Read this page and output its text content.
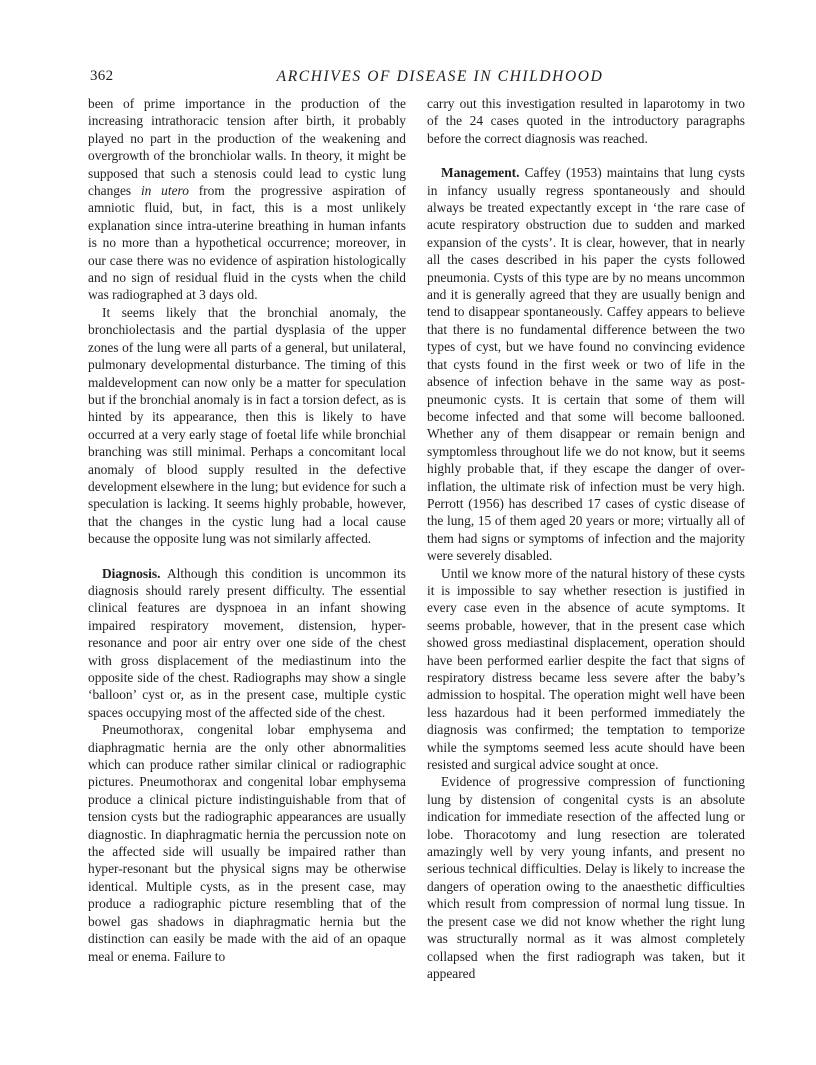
362	ARCHIVES OF DISEASE IN CHILDHOOD

been of prime importance in the production of the increasing intrathoracic tension after birth, it probably played no part in the production of the weakening and overgrowth of the bronchiolar walls. In theory, it might be supposed that such a stenosis could lead to cystic lung changes in utero from the progressive aspiration of amniotic fluid, but, in fact, this is a most unlikely explanation since intra-uterine breathing in human infants is no more than a hypothetical occurrence; moreover, in our case there was no evidence of aspiration histologically and no sign of residual fluid in the cysts when the child was radiographed at 3 days old.

It seems likely that the bronchial anomaly, the bronchiolectasis and the partial dysplasia of the upper zones of the lung were all parts of a general, but unilateral, pulmonary developmental disturbance. The timing of this maldevelopment can now only be a matter for speculation but if the bronchial anomaly is in fact a torsion defect, as is hinted by its appearance, then this is likely to have occurred at a very early stage of foetal life while bronchial branching was still minimal. Perhaps a concomitant local anomaly of blood supply resulted in the defective development elsewhere in the lung; but evidence for such a speculation is lacking. It seems highly probable, however, that the changes in the cystic lung had a local cause because the opposite lung was not similarly affected.

Diagnosis. Although this condition is uncommon its diagnosis should rarely present difficulty. The essential clinical features are dyspnoea in an infant showing impaired respiratory movement, distension, hyper-resonance and poor air entry over one side of the chest with gross displacement of the mediastinum into the opposite side of the chest. Radiographs may show a single ‘balloon’ cyst or, as in the present case, multiple cystic spaces occupying most of the affected side of the chest.

Pneumothorax, congenital lobar emphysema and diaphragmatic hernia are the only other abnormalities which can produce rather similar clinical or radiographic pictures. Pneumothorax and congenital lobar emphysema produce a clinical picture indistinguishable from that of tension cysts but the radiographic appearances are usually diagnostic. In diaphragmatic hernia the percussion note on the affected side will usually be impaired rather than hyper-resonant but the physical signs may be otherwise identical. Multiple cysts, as in the present case, may produce a radiographic picture resembling that of the bowel gas shadows in diaphragmatic hernia but the distinction can easily be made with the aid of an opaque meal or enema. Failure to

carry out this investigation resulted in laparotomy in two of the 24 cases quoted in the introductory paragraphs before the correct diagnosis was reached.

Management. Caffey (1953) maintains that lung cysts in infancy usually regress spontaneously and should always be treated expectantly except in ‘the rare case of acute respiratory obstruction due to sudden and marked expansion of the cysts’. It is clear, however, that in nearly all the cases described in his paper the cysts followed pneumonia. Cysts of this type are by no means uncommon and it is generally agreed that they are usually benign and tend to disappear spontaneously. Caffey appears to believe that there is no fundamental difference between the two types of cyst, but we have found no convincing evidence that cysts found in the first week or two of life in the absence of infection behave in the same way as post-pneumonic cysts. It is certain that some of them will become infected and that some will become ballooned. Whether any of them disappear or remain benign and symptomless throughout life we do not know, but it seems highly probable that, if they escape the danger of over-inflation, the ultimate risk of infection must be very high. Perrott (1956) has described 17 cases of cystic disease of the lung, 15 of them aged 20 years or more; virtually all of them had signs or symptoms of infection and the majority were severely disabled.

Until we know more of the natural history of these cysts it is impossible to say whether resection is justified in every case even in the absence of acute symptoms. It seems probable, however, that in the present case which showed gross mediastinal displacement, operation should have been performed earlier despite the fact that signs of respiratory distress became less severe after the baby’s admission to hospital. The operation might well have been less hazardous had it been performed immediately the diagnosis was confirmed; the temptation to temporize while the symptoms seemed less acute should have been resisted and surgical advice sought at once.

Evidence of progressive compression of functioning lung by distension of congenital cysts is an absolute indication for immediate resection of the affected lung or lobe. Thoracotomy and lung resection are tolerated amazingly well by very young infants, and present no serious technical difficulties. Delay is likely to increase the dangers of operation owing to the anaesthetic difficulties which result from compression of normal lung tissue. In the present case we did not know whether the right lung was structurally normal as it was almost completely collapsed when the first radiograph was taken, but it appeared
